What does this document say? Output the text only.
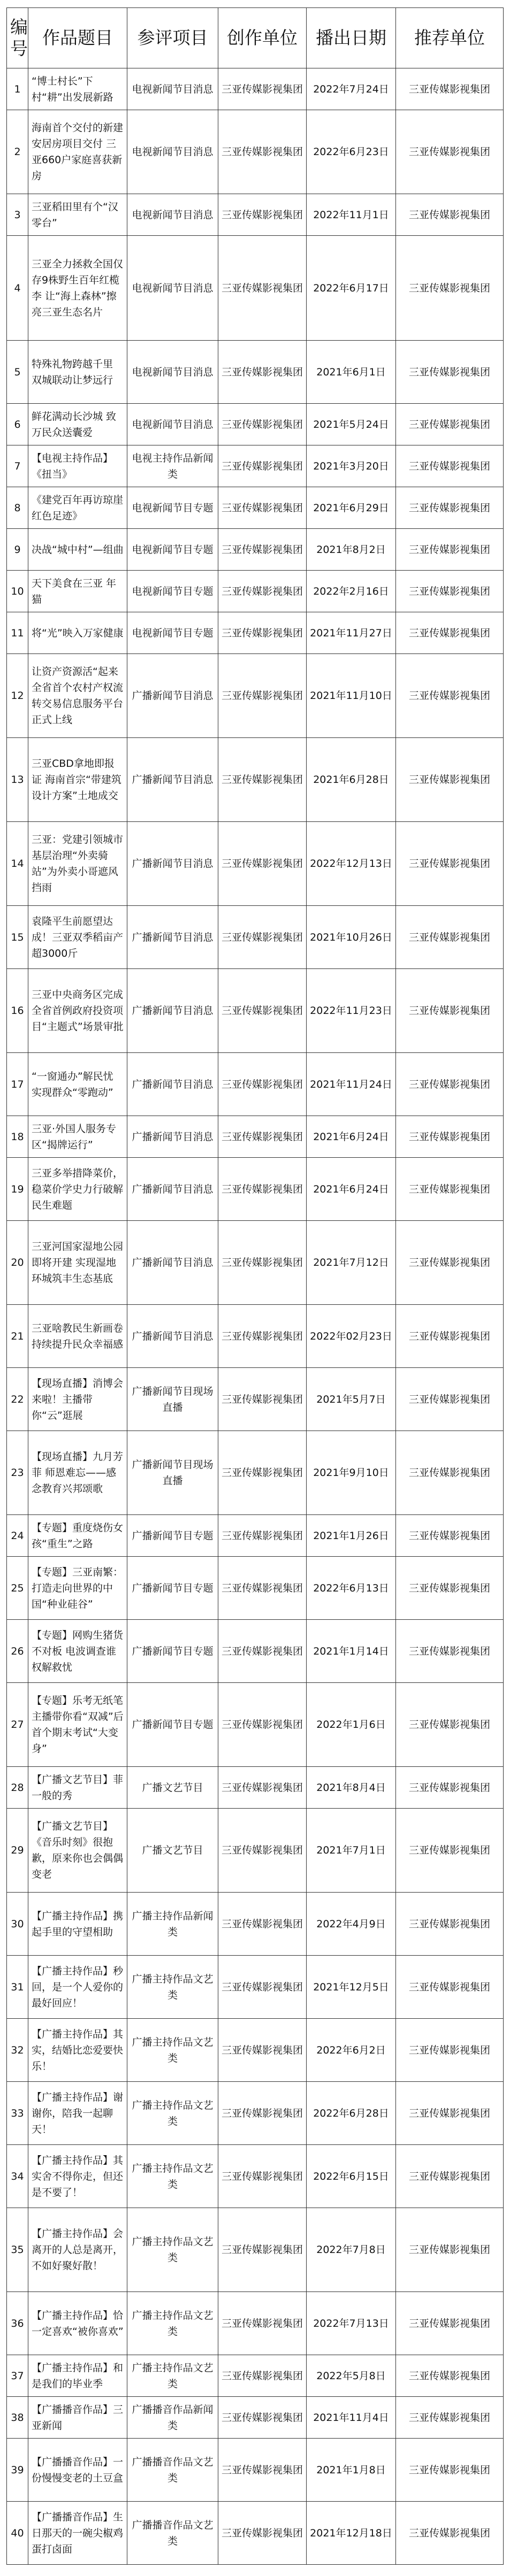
编号	作品题目	参评项目	创作单位	播出日期	推荐单位
1	“博士村长”下村“耕”出发展新路	电视新闻节目消息	三亚传媒影视集团	2022年7月24日	三亚传媒影视集团
2	海南首个交付的新建安居房项目交付 三亚660户家庭喜获新房	电视新闻节目消息	三亚传媒影视集团	2022年6月23日	三亚传媒影视集团
3	三亚稻田里有个“汉零台”	电视新闻节目消息	三亚传媒影视集团	2022年11月1日	三亚传媒影视集团
4	三亚全力拯救全国仅存9株野生百年红榄李 让“海上森林”擦亮三亚生态名片	电视新闻节目消息	三亚传媒影视集团	2022年6月17日	三亚传媒影视集团
5	特殊礼物跨越千里 双城联动让梦远行	电视新闻节目消息	三亚传媒影视集团	2021年6月1日	三亚传媒影视集团
6	鲜花满动长沙城 致万民众送囊爱	电视新闻节目消息	三亚传媒影视集团	2021年5月24日	三亚传媒影视集团
7	【电视主持作品】《扭当》	电视主持作品新闻类	三亚传媒影视集团	2021年3月20日	三亚传媒影视集团
8	《建党百年再访琼崖红色足迹》	电视新闻节目专题	三亚传媒影视集团	2021年6月29日	三亚传媒影视集团
9	决战“城中村”—组曲	电视新闻节目专题	三亚传媒影视集团	2021年8月2日	三亚传媒影视集团
10	天下美食在三亚 年猫	电视新闻节目专题	三亚传媒影视集团	2022年2月16日	三亚传媒影视集团
11	将“光”映入万家健康	电视新闻节目专题	三亚传媒影视集团	2021年11月27日	三亚传媒影视集团
12	让资产资源活“起来 全省首个农村产权流转交易信息服务平台正式上线	广播新闻节目消息	三亚传媒影视集团	2021年11月10日	三亚传媒影视集团
13	三亚CBD拿地即报证 海南首宗“带建筑设计方案”土地成交	广播新闻节目消息	三亚传媒影视集团	2021年6月28日	三亚传媒影视集团
14	三亚：党建引领城市基层治理“外卖骑站”为外卖小哥遮风挡雨	广播新闻节目消息	三亚传媒影视集团	2022年12月13日	三亚传媒影视集团
15	袁隆平生前愿望达成！三亚双季稻亩产超3000斤	广播新闻节目消息	三亚传媒影视集团	2021年10月26日	三亚传媒影视集团
16	三亚中央商务区完成全省首例政府投资项目“主题式”场景审批	广播新闻节目消息	三亚传媒影视集团	2022年11月23日	三亚传媒影视集团
17	“一窗通办”解民忧 实现群众“零跑动”	广播新闻节目消息	三亚传媒影视集团	2021年11月24日	三亚传媒影视集团
18	三亚·外国人服务专区“揭牌运行”	广播新闻节目消息	三亚传媒影视集团	2021年6月24日	三亚传媒影视集团
19	三亚多举措降菜价，稳菜价学史力行破解民生难题	广播新闻节目消息	三亚传媒影视集团	2021年6月24日	三亚传媒影视集团
20	三亚河国家湿地公园即将开建 实现湿地环城筑丰生态基底	广播新闻节目消息	三亚传媒影视集团	2021年7月12日	三亚传媒影视集团
21	三亚啥教民生新画卷 持续提升民众幸福感	广播新闻节目消息	三亚传媒影视集团	2022年02月23日	三亚传媒影视集团
22	【现场直播】消博会来啦！主播带你“云”逛展	广播新闻节目现场直播	三亚传媒影视集团	2021年5月7日	三亚传媒影视集团
23	【现场直播】九月芳菲 师恩难忘——感念教育兴邦颂歌	广播新闻节目现场直播	三亚传媒影视集团	2021年9月10日	三亚传媒影视集团
24	【专题】重度烧伤女孩“重生”之路	广播新闻节目专题	三亚传媒影视集团	2021年1月26日	三亚传媒影视集团
25	【专题】三亚南繁：打造走向世界的中国“种业硅谷”	广播新闻节目专题	三亚传媒影视集团	2022年6月13日	三亚传媒影视集团
26	【专题】网购生猪货不对板 电波调查谁权解救忧	广播新闻节目专题	三亚传媒影视集团	2021年1月14日	三亚传媒影视集团
27	【专题】乐考无纸笔 主播带你看“双减”后首个期末考试“大变身”	广播新闻节目专题	三亚传媒影视集团	2022年1月6日	三亚传媒影视集团
28	【广播文艺节目】菲一般的秀	广播文艺节目	三亚传媒影视集团	2021年8月4日	三亚传媒影视集团
29	【广播文艺节目】《音乐时刻》很抱歉，原来你也会偶偶变老	广播文艺节目	三亚传媒影视集团	2021年7月1日	三亚传媒影视集团
30	【广播主持作品】携起手里的守望相助	广播主持作品新闻类	三亚传媒影视集团	2022年4月9日	三亚传媒影视集团
31	【广播主持作品】秒回，是一个人爱你的最好回应！	广播主持作品文艺类	三亚传媒影视集团	2021年12月5日	三亚传媒影视集团
32	【广播主持作品】其实，结婚比恋爱要快乐！	广播主持作品文艺类	三亚传媒影视集团	2022年6月2日	三亚传媒影视集团
33	【广播主持作品】谢谢你，陪我一起聊天！	广播主持作品文艺类	三亚传媒影视集团	2022年6月28日	三亚传媒影视集团
34	【广播主持作品】其实舍不得你走，但还是不要了！	广播主持作品文艺类	三亚传媒影视集团	2022年6月15日	三亚传媒影视集团
35	【广播主持作品】会离开的人总是离开，不如好聚好散！	广播主持作品文艺类	三亚传媒影视集团	2022年7月8日	三亚传媒影视集团
36	【广播主持作品】恰一定喜欢“被你喜欢”	广播主持作品文艺类	三亚传媒影视集团	2022年7月13日	三亚传媒影视集团
37	【广播主持作品】和是我们的毕业季	广播主持作品文艺类	三亚传媒影视集团	2022年5月8日	三亚传媒影视集团
38	【广播播音作品】三亚新闻	广播播音作品新闻类	三亚传媒影视集团	2021年11月4日	三亚传媒影视集团
39	【广播播音作品】一份慢慢变老的土豆盒	广播播音作品文艺类	三亚传媒影视集团	2021年1月8日	三亚传媒影视集团
40	【广播播音作品】生日那天的一碗尖椒鸡蛋打卤面	广播播音作品文艺类	三亚传媒影视集团	2021年12月18日	三亚传媒影视集团
